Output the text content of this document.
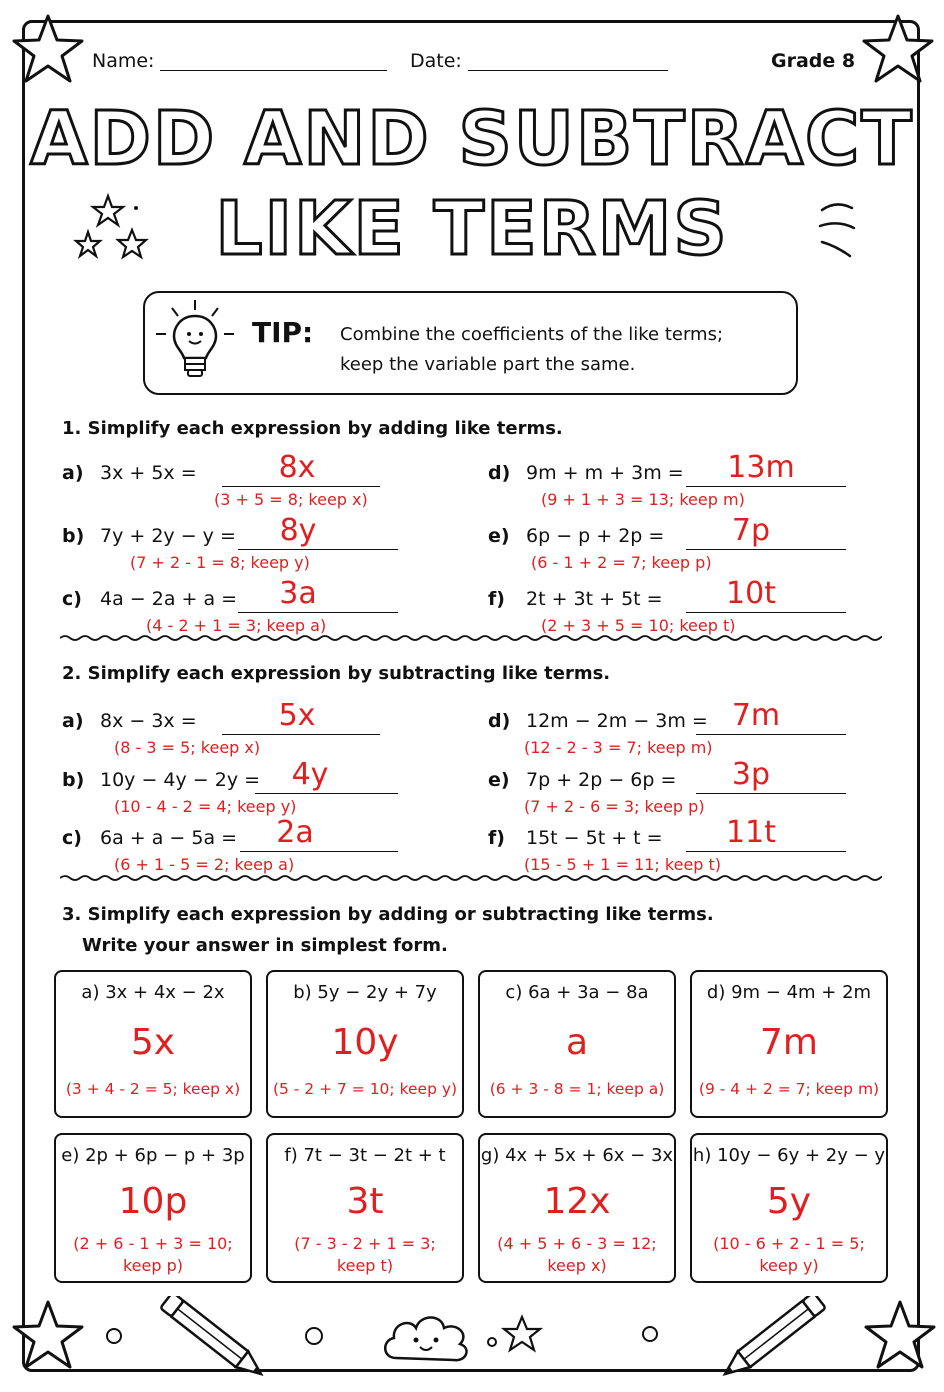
Name:	Date:	Grade 8
ADD AND SUBTRACT
LIKE TERMS
TIP: Combine the coefficients of the like terms;
keep the variable part the same.
1. Simplify each expression by adding like terms.
a) 3x + 5x =	8x
(3 + 5 = 8; keep x)
b) 7y + 2y − y =	8y
(7 + 2 - 1 = 8; keep y)
c) 4a − 2a + a =	3a
(4 - 2 + 1 = 3; keep a)
d) 9m + m + 3m =	13m
(9 + 1 + 3 = 13; keep m)
e) 6p − p + 2p =	7p
(6 - 1 + 2 = 7; keep p)
f) 2t + 3t + 5t =	10t
(2 + 3 + 5 = 10; keep t)
2. Simplify each expression by subtracting like terms.
a) 8x − 3x =	5x
(8 - 3 = 5; keep x)
b) 10y − 4y − 2y =	4y
(10 - 4 - 2 = 4; keep y)
c) 6a + a − 5a =	2a
(6 + 1 - 5 = 2; keep a)
d) 12m − 2m − 3m = 7m
(12 - 2 - 3 = 7; keep m)
e) 7p + 2p − 6p =	3p
(7 + 2 - 6 = 3; keep p)
f) 15t − 5t + t =	11t
(15 - 5 + 1 = 11; keep t)
3. Simplify each expression by adding or subtracting like terms.
Write your answer in simplest form.
a) 3x + 4x − 2x
5x
(3 + 4 - 2 = 5; keep x)
b) 5y − 2y + 7y
10y
(5 - 2 + 7 = 10; keep y)
c) 6a + 3a − 8a
a
(6 + 3 - 8 = 1; keep a)
d) 9m − 4m + 2m
7m
(9 - 4 + 2 = 7; keep m)
e) 2p + 6p − p + 3p
10p
(2 + 6 - 1 + 3 = 10;
keep p)
f) 7t − 3t − 2t + t
3t
(7 - 3 - 2 + 1 = 3;
keep t)
g) 4x + 5x + 6x − 3x
12x
(4 + 5 + 6 - 3 = 12;
keep x)
h) 10y − 6y + 2y − y
5y
(10 - 6 + 2 - 1 = 5;
keep y)
